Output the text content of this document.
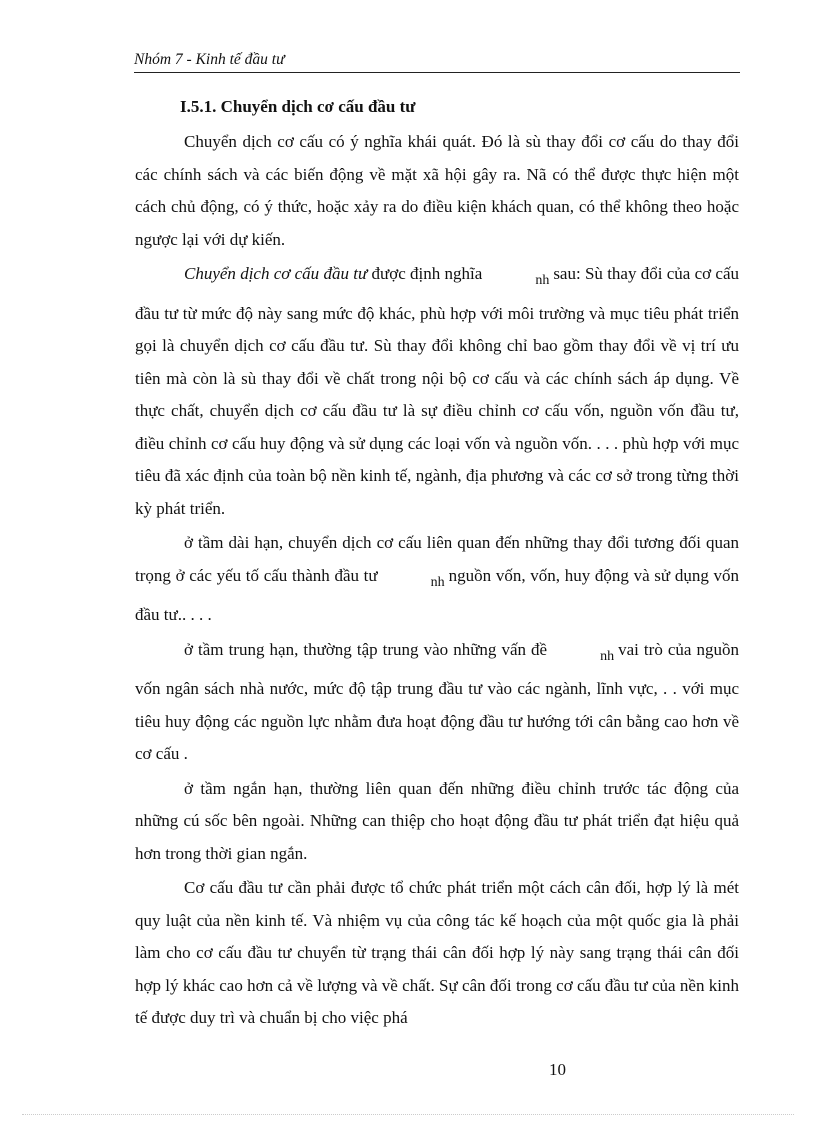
Nhóm 7 - Kinh tế đầu tư

I.5.1. Chuyển dịch cơ cấu đầu tư

Chuyển dịch cơ cấu có ý nghĩa khái quát. Đó là sù thay đổi cơ cấu do thay đổi các chính sách và các biến động về mặt xã hội gây ra. Nã có thể được thực hiện một cách chủ động, có ý thức, hoặc xảy ra do điều kiện khách quan, có thể không theo hoặc ngược lại với dự kiến.

Chuyển dịch cơ cấu đầu tư được định nghĩa	nh sau: Sù thay đổi của cơ cấu đầu tư từ mức độ này sang mức độ khác, phù hợp với môi trường và mục tiêu phát triển gọi là chuyển dịch cơ cấu đầu tư. Sù thay đổi không chỉ bao gồm thay đổi về vị trí ưu tiên mà còn là sù thay đổi về chất trong nội bộ cơ cấu và các chính sách áp dụng. Về thực chất, chuyển dịch cơ cấu đầu tư là sự điều chỉnh cơ cấu vốn, nguồn vốn đầu tư, điều chỉnh cơ cấu huy động và sử dụng các loại vốn và nguồn vốn. . . . phù hợp với mục tiêu đã xác định của toàn bộ nền kinh tế, ngành, địa phương và các cơ sở trong từng thời kỳ phát triển.

ở tầm dài hạn, chuyển dịch cơ cấu liên quan đến những thay đổi tương đối quan trọng ở các yếu tố cấu thành đầu tư	nh nguồn vốn, vốn, huy động và sử dụng vốn đầu tư.. . . .

ở tầm trung hạn, thường tập trung vào những vấn đề	nh vai trò của nguồn vốn ngân sách nhà nước, mức độ tập trung đầu tư vào các ngành, lĩnh vực, . . với mục tiêu huy động các nguồn lực nhằm đưa hoạt động đầu tư hướng tới cân bằng cao hơn về cơ cấu .

ở tầm ngắn hạn, thường liên quan đến những điều chỉnh trước tác động của những cú sốc bên ngoài. Những can thiệp cho hoạt động đầu tư phát triển đạt hiệu quả hơn trong thời gian ngắn.

Cơ cấu đầu tư cần phải được tổ chức phát triển một cách cân đối, hợp lý là mét quy luật của nền kinh tế. Và nhiệm vụ của công tác kế hoạch của một quốc gia là phải làm cho cơ cấu đầu tư chuyển từ trạng thái cân đối hợp lý này sang trạng thái cân đối hợp lý khác cao hơn cả về lượng và về chất. Sự cân đối trong cơ cấu đầu tư của nền kinh tế được duy trì và chuẩn bị cho việc phá

10
